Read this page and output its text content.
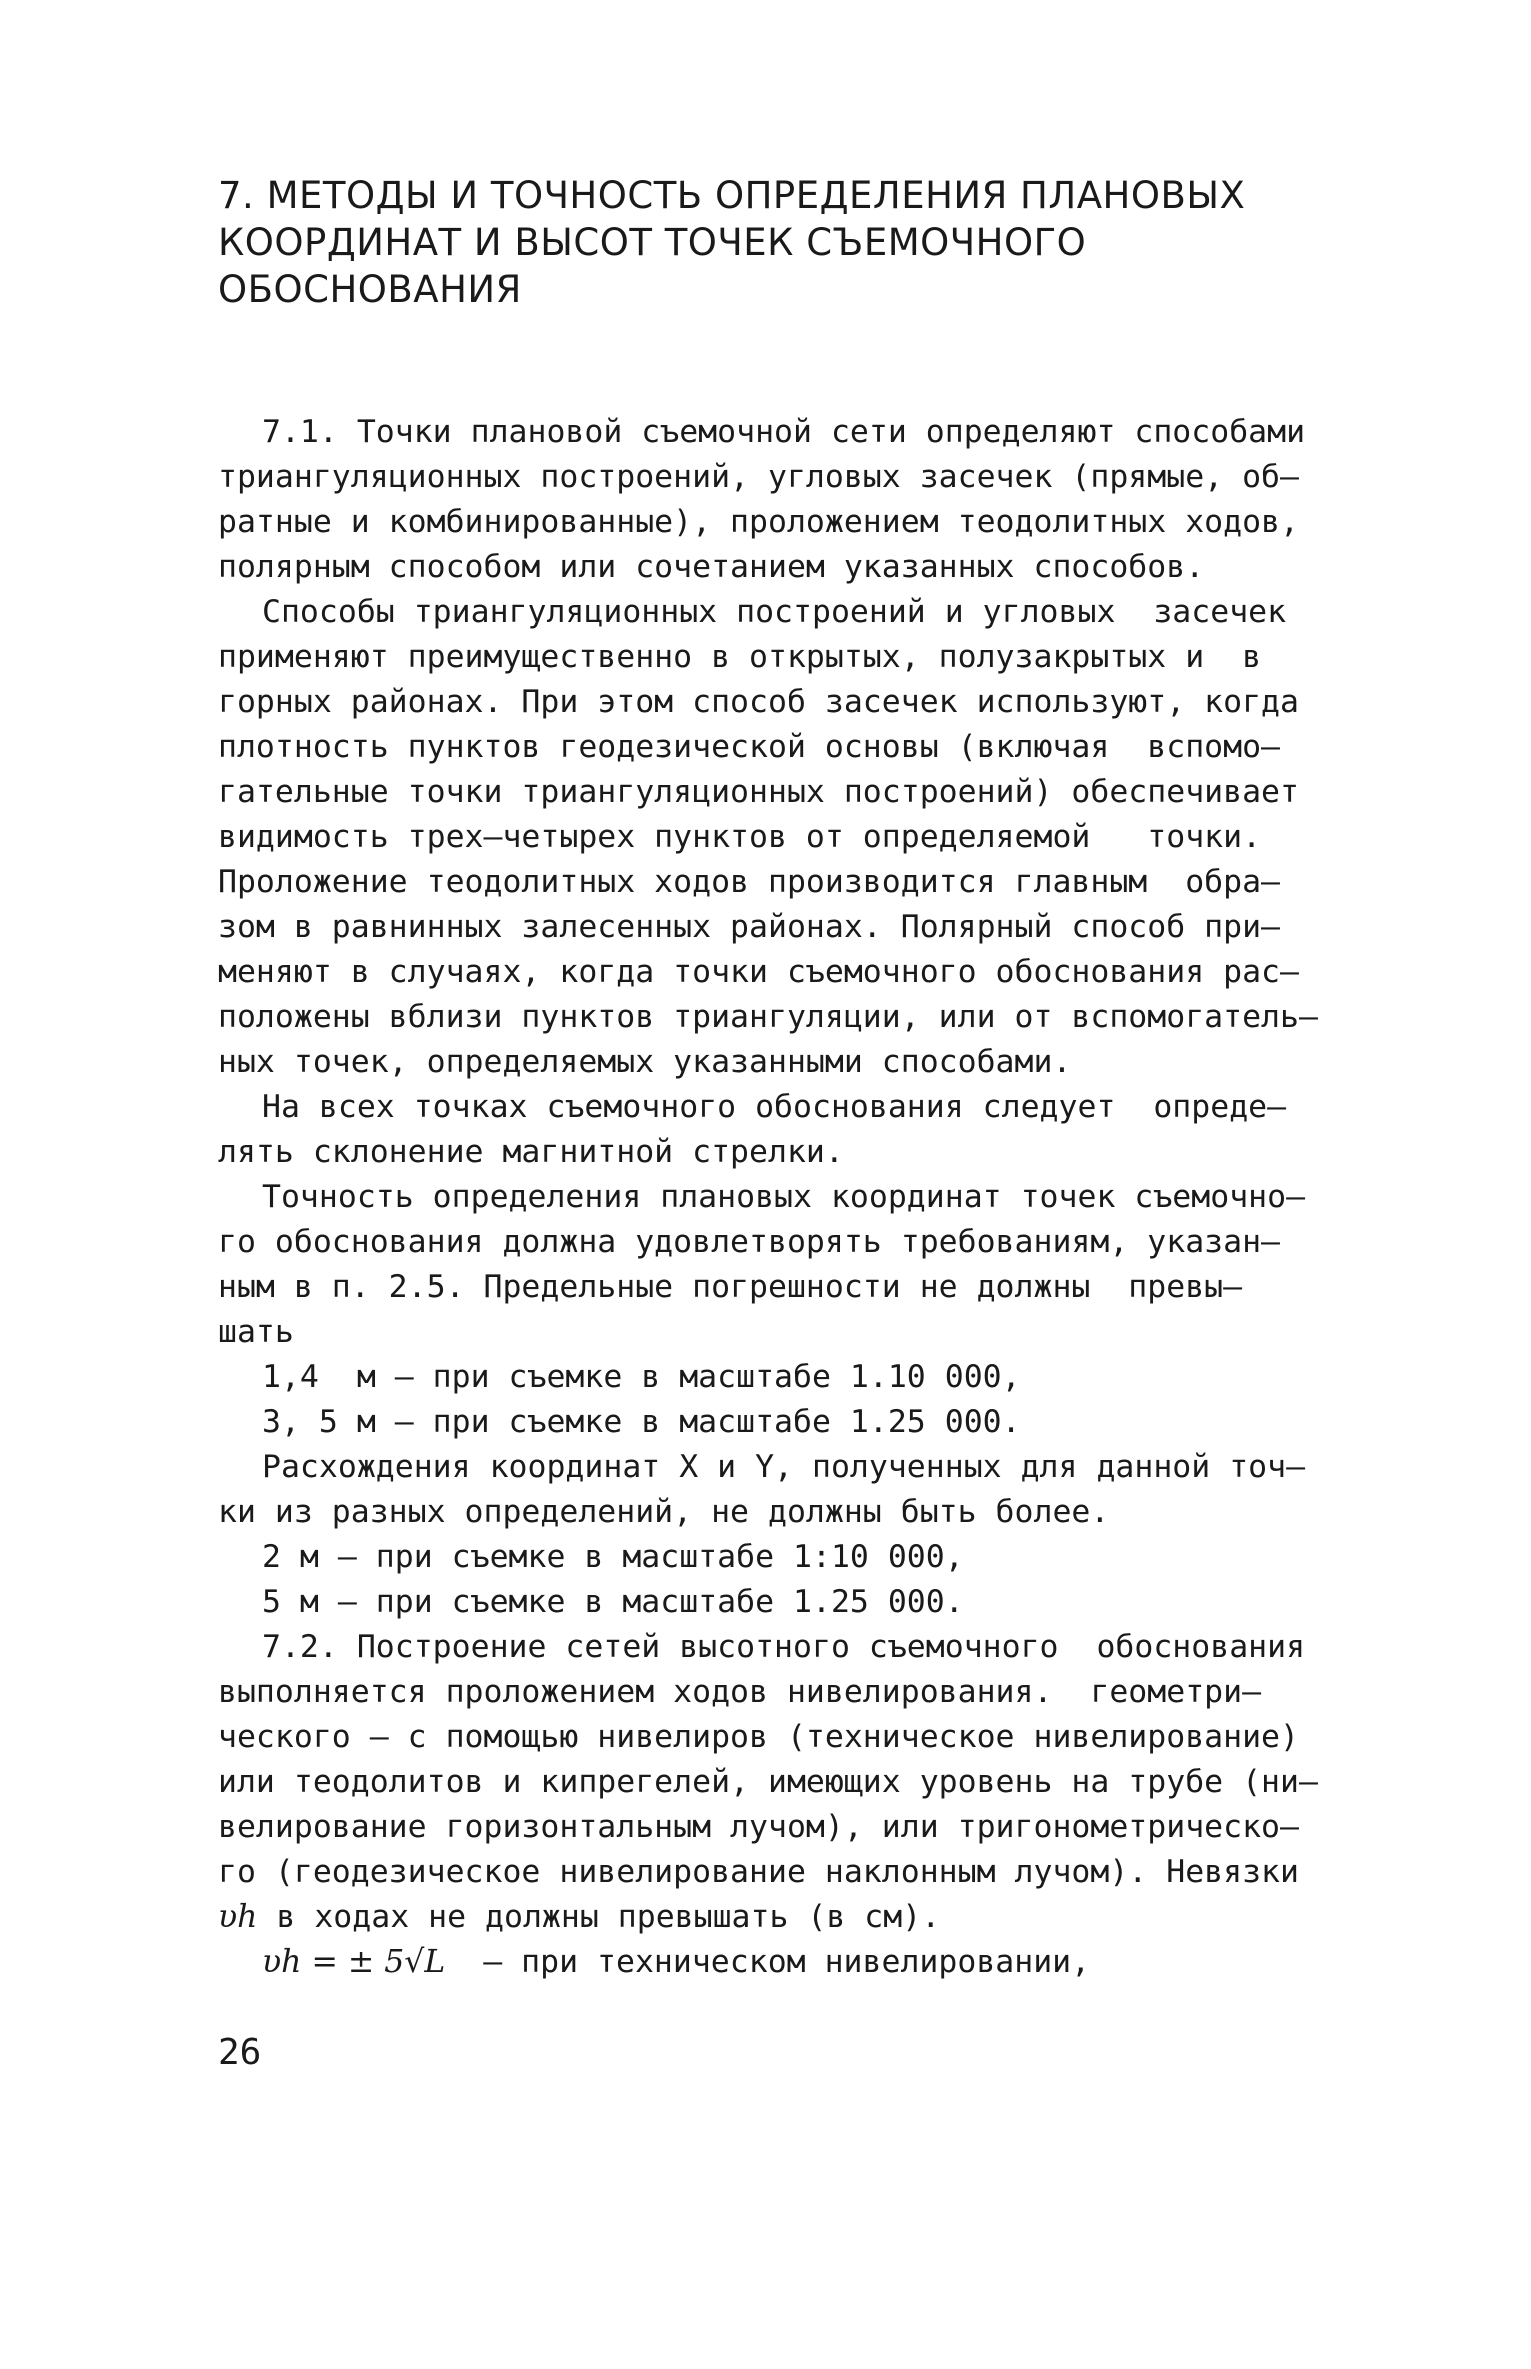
7. МЕТОДЫ И ТОЧНОСТЬ ОПРЕДЕЛЕНИЯ ПЛАНОВЫХ
КООРДИНАТ И ВЫСОТ ТОЧЕК СЪЕМОЧНОГО
ОБОСНОВАНИЯ
7.1. Точки плановой съемочной сети определяют способами
триангуляционных построений, угловых засечек (прямые, об–
ратные и комбинированные), проложением теодолитных ходов,
полярным способом или сочетанием указанных способов.
Способы триангуляционных построений и угловых  засечек
применяют преимущественно в открытых, полузакрытых и  в
горных районах. При этом способ засечек используют, когда
плотность пунктов геодезической основы (включая  вспомо–
гательные точки триангуляционных построений) обеспечивает
видимость трех–четырех пунктов от определяемой   точки.
Проложение теодолитных ходов производится главным  обра–
зом в равнинных залесенных районах. Полярный способ при–
меняют в случаях, когда точки съемочного обоснования рас–
положены вблизи пунктов триангуляции, или от вспомогатель–
ных точек, определяемых указанными способами.
На всех точках съемочного обоснования следует  опреде–
лять склонение магнитной стрелки.
Точность определения плановых координат точек съемочно–
го обоснования должна удовлетворять требованиям, указан–
ным в п. 2.5. Предельные погрешности не должны  превы–
шать
1,4  м – при съемке в масштабе 1.10 000,
3, 5 м – при съемке в масштабе 1.25 000.
Расхождения координат X и Y, полученных для данной точ–
ки из разных определений, не должны быть более.
2 м – при съемке в масштабе 1:10 000,
5 м – при съемке в масштабе 1.25 000.
7.2. Построение сетей высотного съемочного  обоснования
выполняется проложением ходов нивелирования.  геометри–
ческого – с помощью нивелиров (техническое нивелирование)
или теодолитов и кипрегелей, имеющих уровень на трубе (ни–
велирование горизонтальным лучом), или тригонометрическо–
го (геодезическое нивелирование наклонным лучом). Невязки
υh в ходах не должны превышать (в см).
υh = ± 5√L – при техническом нивелировании,
26
